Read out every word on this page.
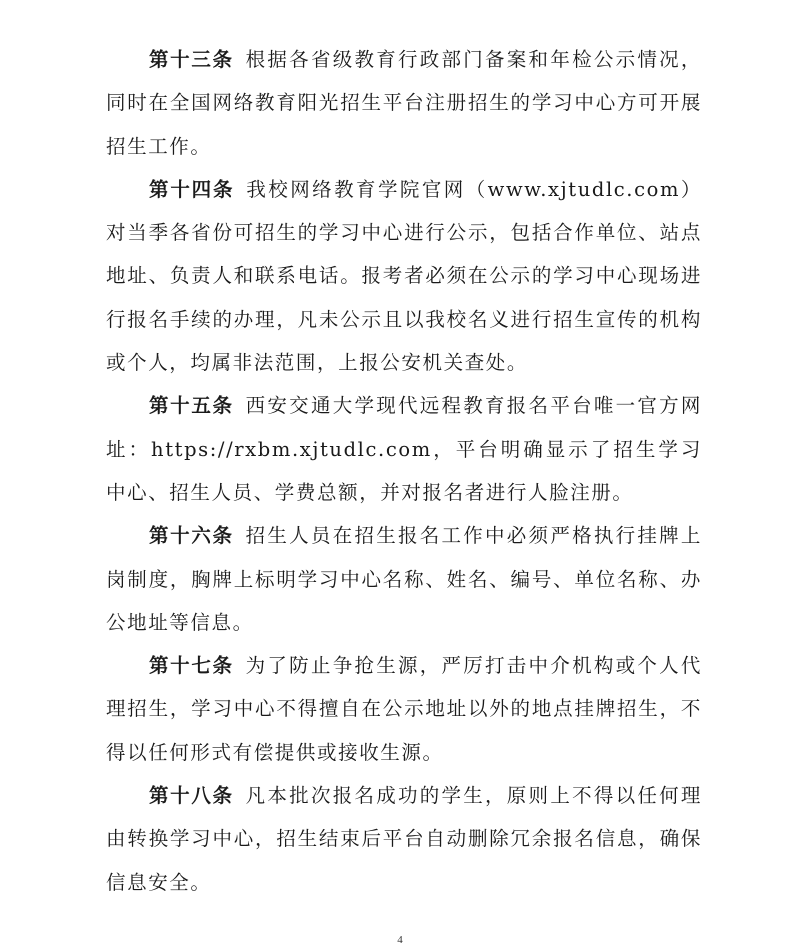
第十三条 根据各省级教育行政部门备案和年检公示情况，同时在全国网络教育阳光招生平台注册招生的学习中心方可开展招生工作。

第十四条 我校网络教育学院官网（www.xjtudlc.com）对当季各省份可招生的学习中心进行公示，包括合作单位、站点地址、负责人和联系电话。报考者必须在公示的学习中心现场进行报名手续的办理，凡未公示且以我校名义进行招生宣传的机构或个人，均属非法范围，上报公安机关查处。

第十五条 西安交通大学现代远程教育报名平台唯一官方网址：https://rxbm.xjtudlc.com，平台明确显示了招生学习中心、招生人员、学费总额，并对报名者进行人脸注册。

第十六条 招生人员在招生报名工作中必须严格执行挂牌上岗制度，胸牌上标明学习中心名称、姓名、编号、单位名称、办公地址等信息。

第十七条 为了防止争抢生源，严厉打击中介机构或个人代理招生，学习中心不得擅自在公示地址以外的地点挂牌招生，不得以任何形式有偿提供或接收生源。

第十八条 凡本批次报名成功的学生，原则上不得以任何理由转换学习中心，招生结束后平台自动删除冗余报名信息，确保信息安全。

4
